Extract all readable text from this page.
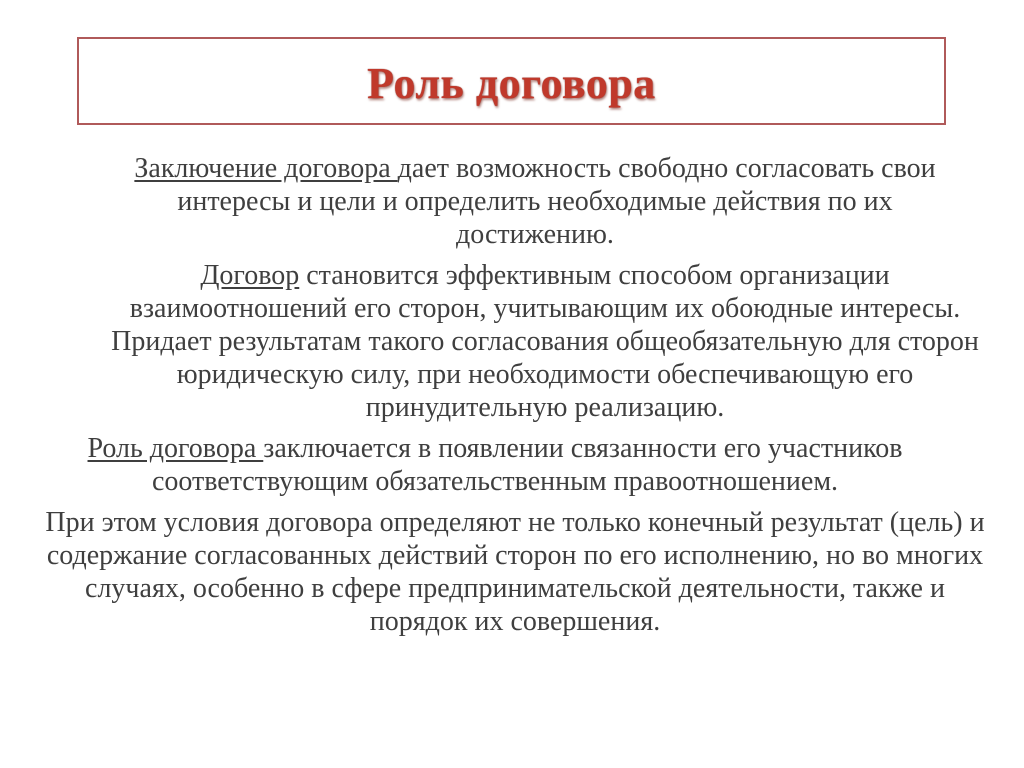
Роль договора

Заключение договора дает возможность свободно согласовать свои интересы и цели и определить необходимые действия по их достижению.

Договор становится эффективным способом организации взаимоотношений его сторон, учитывающим их обоюдные интересы. Придает результатам такого согласования общеобязательную для сторон юридическую силу, при необходимости обеспечивающую его принудительную реализацию.

Роль договора заключается в появлении связанности его участников соответствующим обязательственным правоотношением.

При этом условия договора определяют не только конечный результат (цель) и содержание согласованных действий сторон по его исполнению, но во многих случаях, особенно в сфере предпринимательской деятельности, также и порядок их совершения.
